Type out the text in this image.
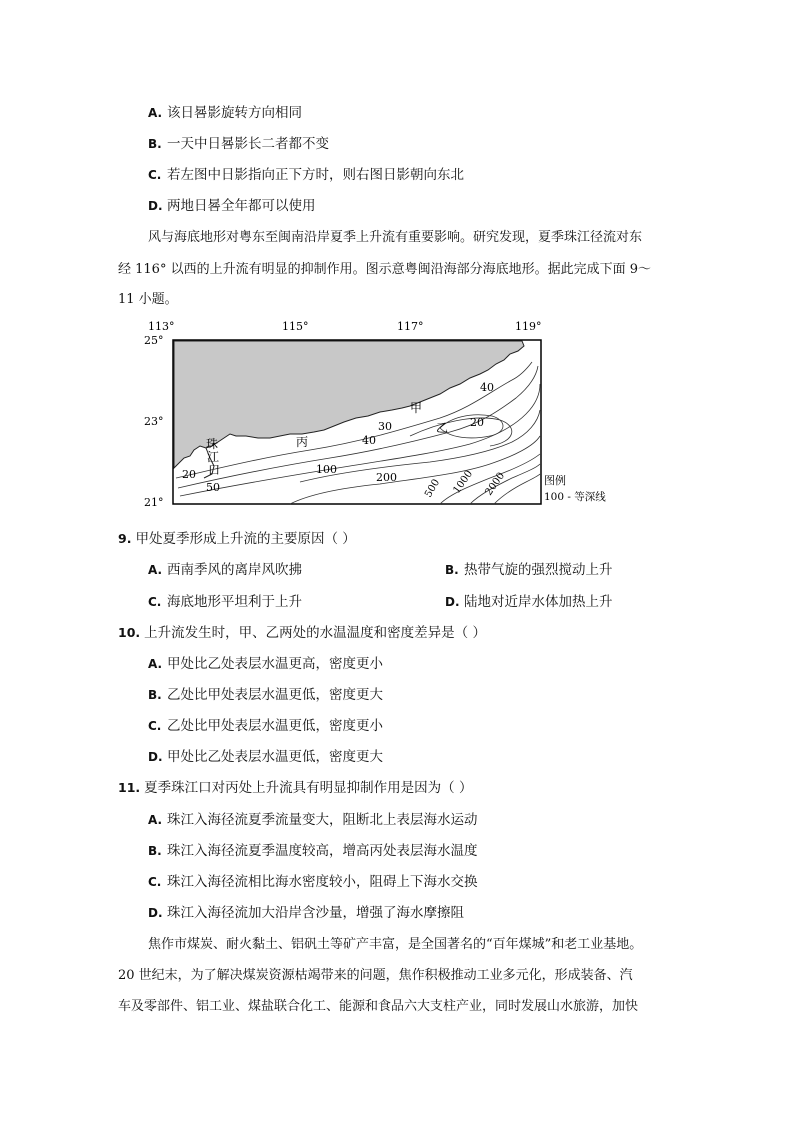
A. 该日晷影旋转方向相同
B. 一天中日晷影长二者都不变
C. 若左图中日影指向正下方时，则右图日影朝向东北
D. 两地日晷全年都可以使用
风与海底地形对粤东至闽南沿岸夏季上升流有重要影响。研究发现，夏季珠江径流对东
经 116° 以西的上升流有明显的抑制作用。图示意粤闽沿海部分海底地形。据此完成下面 9～
11 小题。
113°	115°	117°	119°
25°
23°
21°
40
20
30
40
100
200	500 1000 2000
20
50
甲
乙
丙
珠
江
口
图例
100 - 等深线
9. 甲处夏季形成上升流的主要原因（ ）
A. 西南季风的离岸风吹拂	B. 热带气旋的强烈搅动上升
C. 海底地形平坦利于上升	D. 陆地对近岸水体加热上升
10. 上升流发生时，甲、乙两处的水温温度和密度差异是（ ）
A. 甲处比乙处表层水温更高，密度更小
B. 乙处比甲处表层水温更低，密度更大
C. 乙处比甲处表层水温更低，密度更小
D. 甲处比乙处表层水温更低，密度更大
11. 夏季珠江口对丙处上升流具有明显抑制作用是因为（ ）
A. 珠江入海径流夏季流量变大，阻断北上表层海水运动
B. 珠江入海径流夏季温度较高，增高丙处表层海水温度
C. 珠江入海径流相比海水密度较小，阻碍上下海水交换
D. 珠江入海径流加大沿岸含沙量，增强了海水摩擦阻
焦作市煤炭、耐火黏土、铝矾土等矿产丰富，是全国著名的“百年煤城”和老工业基地。
20 世纪末，为了解决煤炭资源枯竭带来的问题，焦作积极推动工业多元化，形成装备、汽
车及零部件、铝工业、煤盐联合化工、能源和食品六大支柱产业，同时发展山水旅游，加快
